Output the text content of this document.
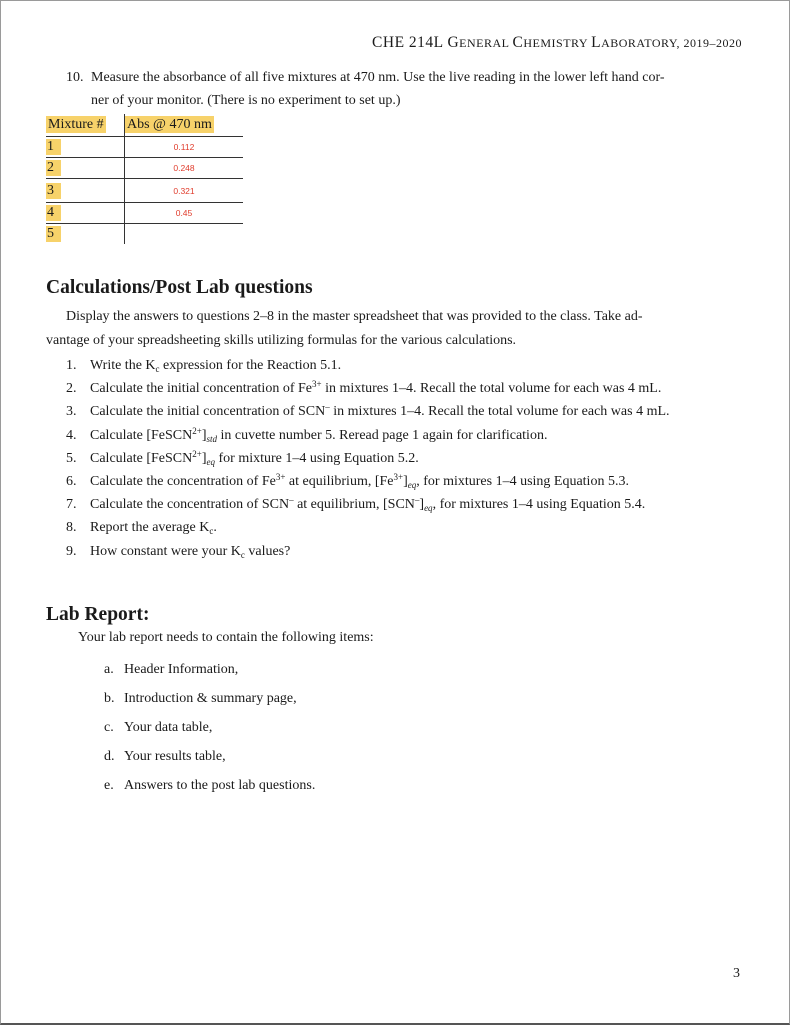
CHE 214L GENERAL CHEMISTRY LABORATORY, 2019–2020
10. Measure the absorbance of all five mixtures at 470 nm. Use the live reading in the lower left hand cor-
ner of your monitor. (There is no experiment to set up.)
Mixture #	Abs @ 470 nm
1	0.112
2	0.248
3	0.321
4	0.45
5	
Calculations/Post Lab questions
Display the answers to questions 2–8 in the master spreadsheet that was provided to the class. Take ad-
vantage of your spreadsheeting skills utilizing formulas for the various calculations.
1. Write the $K_c$ expression for the Reaction 5.1.
2. Calculate the initial concentration of $Fe^{3+}$ in mixtures 1–4. Recall the total volume for each was 4 mL.
3. Calculate the initial concentration of SCN– in mixtures 1–4. Recall the total volume for each was 4 mL.
4. Calculate $[FeSCN^{2+}]_{std}$ in cuvette number 5. Reread page 1 again for clarification.
5. Calculate $[FeSCN^{2+}]_{eq}$ for mixture 1–4 using Equation 5.2.
6. Calculate the concentration of $Fe^{3+}$ at equilibrium, $[Fe^{3+}]_{eq}$, for mixtures 1–4 using Equation 5.3.
7. Calculate the concentration of SCN– at equilibrium, $[SCN^-]_{eq}$, for mixtures 1–4 using Equation 5.4.
8. Report the average $K_c$.
9. How constant were your $K_c$ values?
Lab Report:
Your lab report needs to contain the following items:
a. Header Information,
b. Introduction & summary page,
c. Your data table,
d. Your results table,
e. Answers to the post lab questions.
3
